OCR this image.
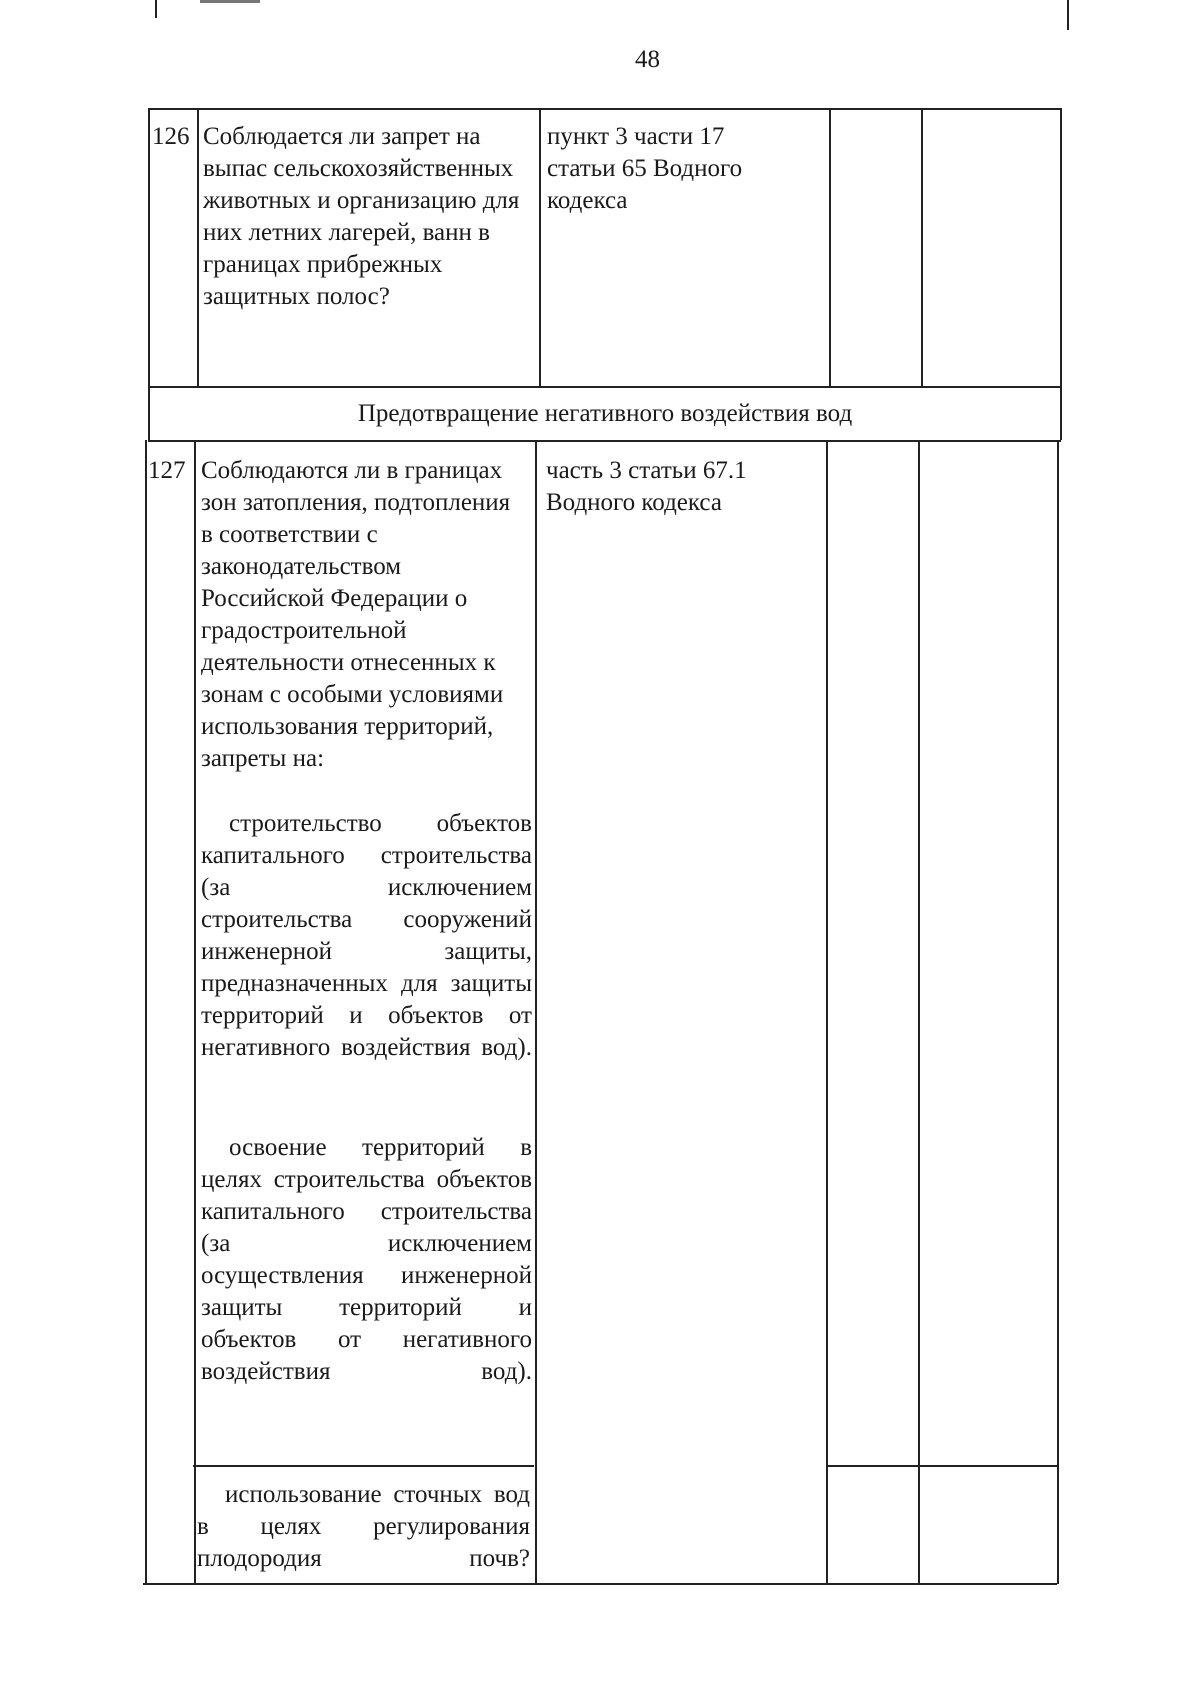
48
126 Соблюдается ли запрет на выпас сельскохозяйственных животных и организацию для них летних лагерей, ванн в границах прибрежных защитных полос?
пункт 3 части 17 статьи 65 Водного кодекса
Предотвращение негативного воздействия вод
127 Соблюдаются ли в границах зон затопления, подтопления в соответствии с законодательством Российской Федерации о градостроительной деятельности отнесенных к зонам с особыми условиями использования территорий, запреты на:
строительство объектов капитального строительства (за исключением строительства сооружений инженерной защиты, предназначенных для защиты территорий и объектов от негативного воздействия вод).
освоение территорий в целях строительства объектов капитального строительства (за исключением осуществления инженерной защиты территорий и объектов от негативного воздействия вод).
использование сточных вод в целях регулирования плодородия почв?
часть 3 статьи 67.1 Водного кодекса
